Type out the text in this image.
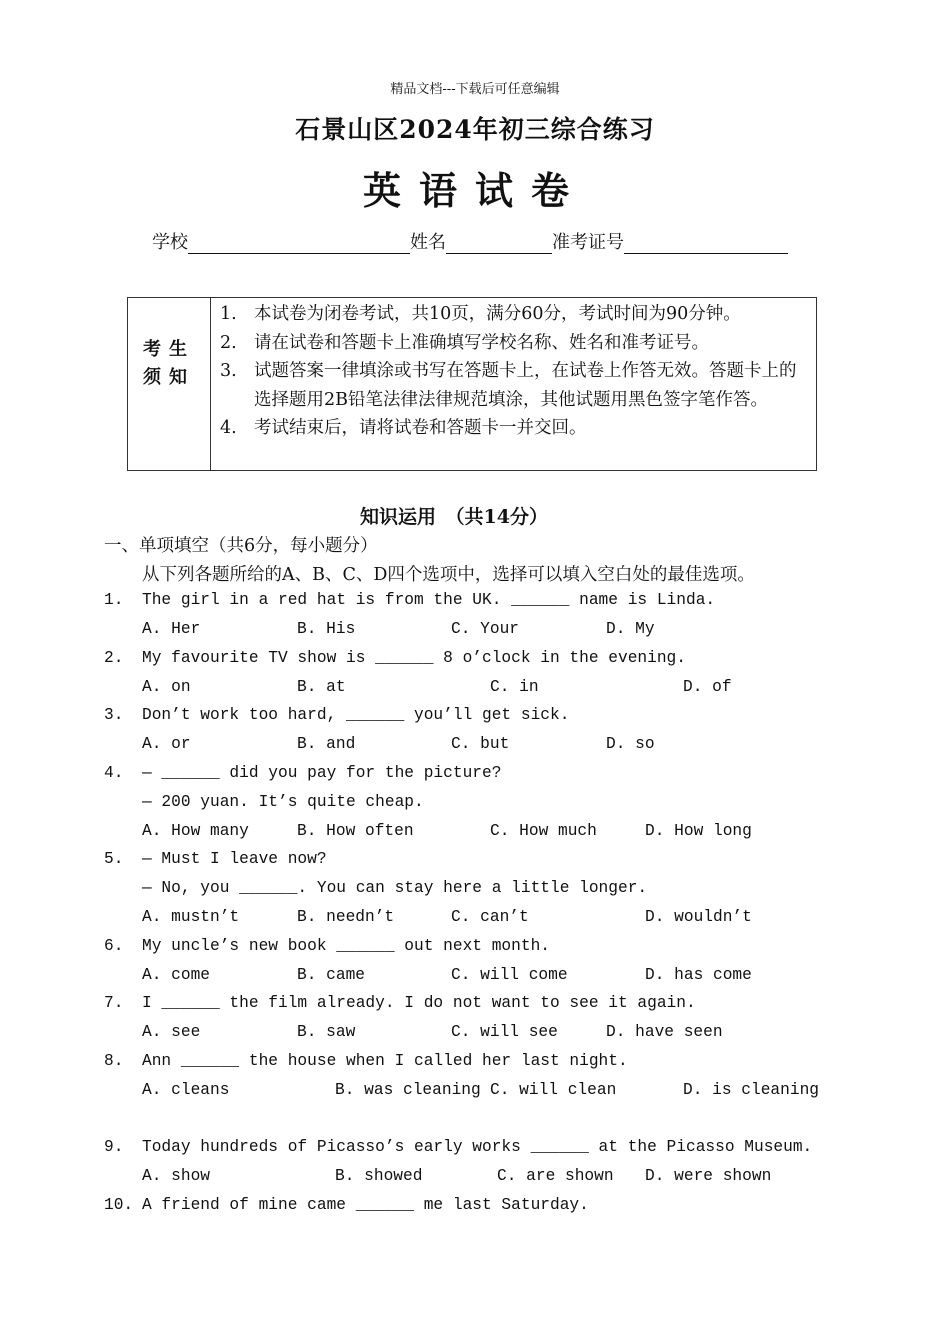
精品文档---下载后可任意编辑
石景山区2024年初三综合练习
英语试卷
学校	姓名	准考证号
考生
须知
1. 本试卷为闭卷考试，共10页，满分60分，考试时间为90分钟。
2. 请在试卷和答题卡上准确填写学校名称、姓名和准考证号。
3. 试题答案一律填涂或书写在答题卡上，在试卷上作答无效。答题卡上的选择题用2B铅笔法律法律规范填涂，其他试题用黑色签字笔作答。
4. 考试结束后，请将试卷和答题卡一并交回。
知识运用　（共14分）
一、单项填空（共6分，每小题分）
从下列各题所给的A、B、C、D四个选项中，选择可以填入空白处的最佳选项。
1. The girl in a red hat is from the UK. ______ name is Linda.
A. Her	B. His	C. Your	D. My
2. My favourite TV show is ______ 8 o’clock in the evening.
A. on	B. at	C. in	D. of
3. Don’t work too hard, ______ you’ll get sick.
A. or	B. and	C. but	D. so
4. — ______ did you pay for the picture?
— 200 yuan. It’s quite cheap.
A. How many	B. How often	C. How much	D. How long
5. — Must I leave now?
— No, you ______. You can stay here a little longer.
A. mustn’t	B. needn’t	C. can’t	D. wouldn’t
6. My uncle’s new book ______ out next month.
A. come	B. came	C. will come	D. has come
7. I ______ the film already. I do not want to see it again.
A. see	B. saw	C. will see	D. have seen
8. Ann ______ the house when I called her last night.
A. cleans	B. was cleaning C. will clean	D. is cleaning
9. Today hundreds of Picasso’s early works ______ at the Picasso Museum.
A. show	B. showed	C. are shown D. were shown
10. A friend of mine came ______ me last Saturday.
